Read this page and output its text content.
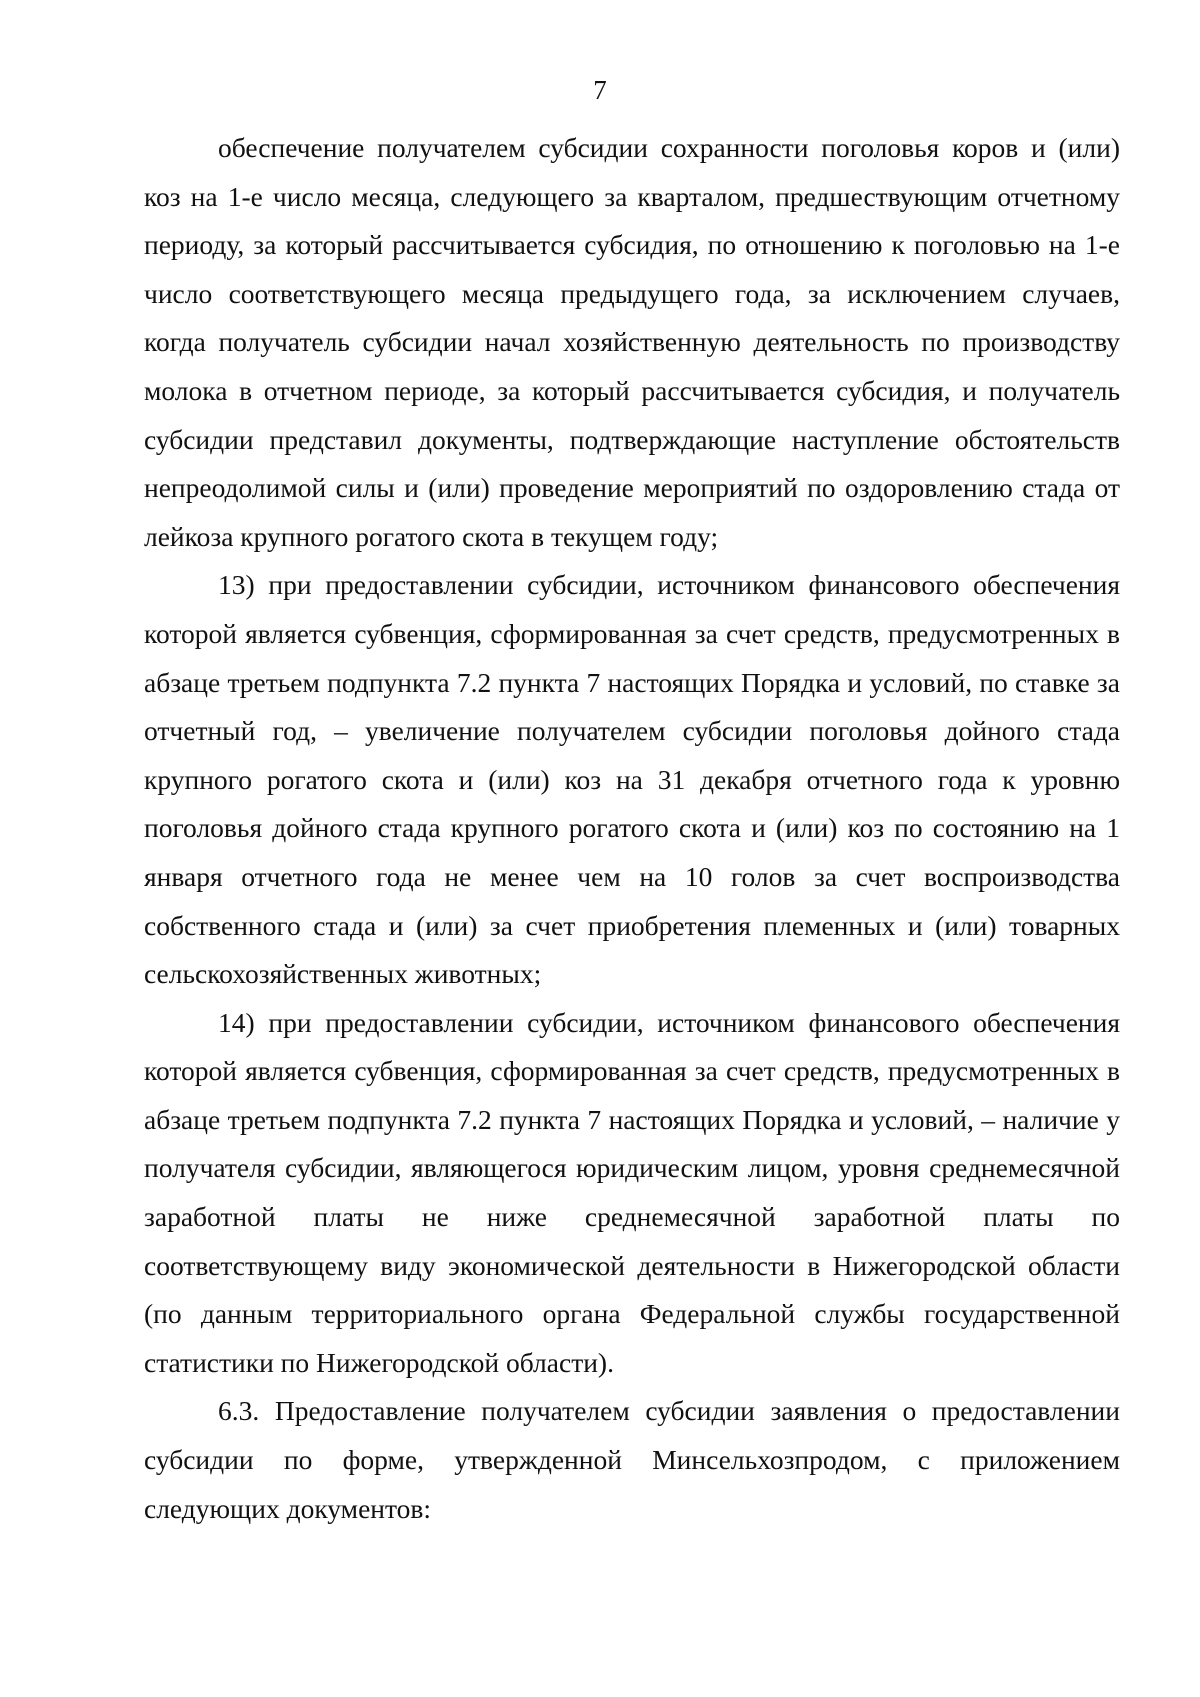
7

обеспечение получателем субсидии сохранности поголовья коров и (или) коз на 1-е число месяца, следующего за кварталом, предшествующим отчетному периоду, за который рассчитывается субсидия, по отношению к поголовью на 1-е число соответствующего месяца предыдущего года, за исключением случаев, когда получатель субсидии начал хозяйственную деятельность по производству молока в отчетном периоде, за который рассчитывается субсидия, и получатель субсидии представил документы, подтверждающие наступление обстоятельств непреодолимой силы и (или) проведение мероприятий по оздоровлению стада от лейкоза крупного рогатого скота в текущем году;

13) при предоставлении субсидии, источником финансового обеспечения которой является субвенция, сформированная за счет средств, предусмотренных в абзаце третьем подпункта 7.2 пункта 7 настоящих Порядка и условий, по ставке за отчетный год, – увеличение получателем субсидии поголовья дойного стада крупного рогатого скота и (или) коз на 31 декабря отчетного года к уровню поголовья дойного стада крупного рогатого скота и (или) коз по состоянию на 1 января отчетного года не менее чем на 10 голов за счет воспроизводства собственного стада и (или) за счет приобретения племенных и (или) товарных сельскохозяйственных животных;

14) при предоставлении субсидии, источником финансового обеспечения которой является субвенция, сформированная за счет средств, предусмотренных в абзаце третьем подпункта 7.2 пункта 7 настоящих Порядка и условий, – наличие у получателя субсидии, являющегося юридическим лицом, уровня среднемесячной заработной платы не ниже среднемесячной заработной платы по соответствующему виду экономической деятельности в Нижегородской области (по данным территориального органа Федеральной службы государственной статистики по Нижегородской области).

6.3. Предоставление получателем субсидии заявления о предоставлении субсидии по форме, утвержденной Минсельхозпродом, с приложением следующих документов:
